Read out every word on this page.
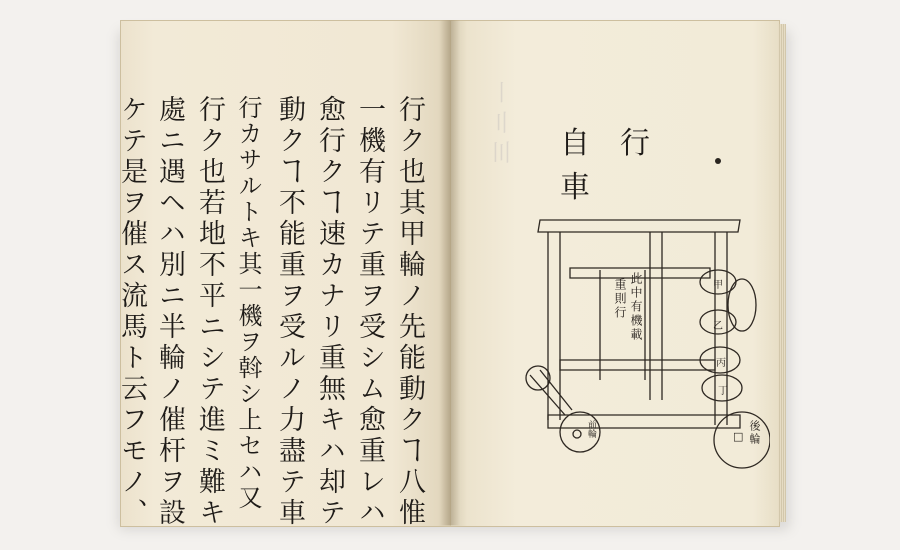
行ク也其甲輪ノ先能動クヿ八惟
一機有リテ重ヲ受シム愈重レハ
愈行クヿ速カナリ重無キハ却テ
動クヿ不能重ヲ受ルノ力盡テ車
行カサルトキ其一機ヲ斡シ上セハ又
行ク也若地不平ニシテ進ミ難キ
處ニ遇ヘハ別ニ半輪ノ催杆ヲ設
ケテ是ヲ催ス流馬ト云フモノ、	〡〢〣 自行車
此中有機載
重則行	甲
乙
丙
丁
前輪	後輪
□
